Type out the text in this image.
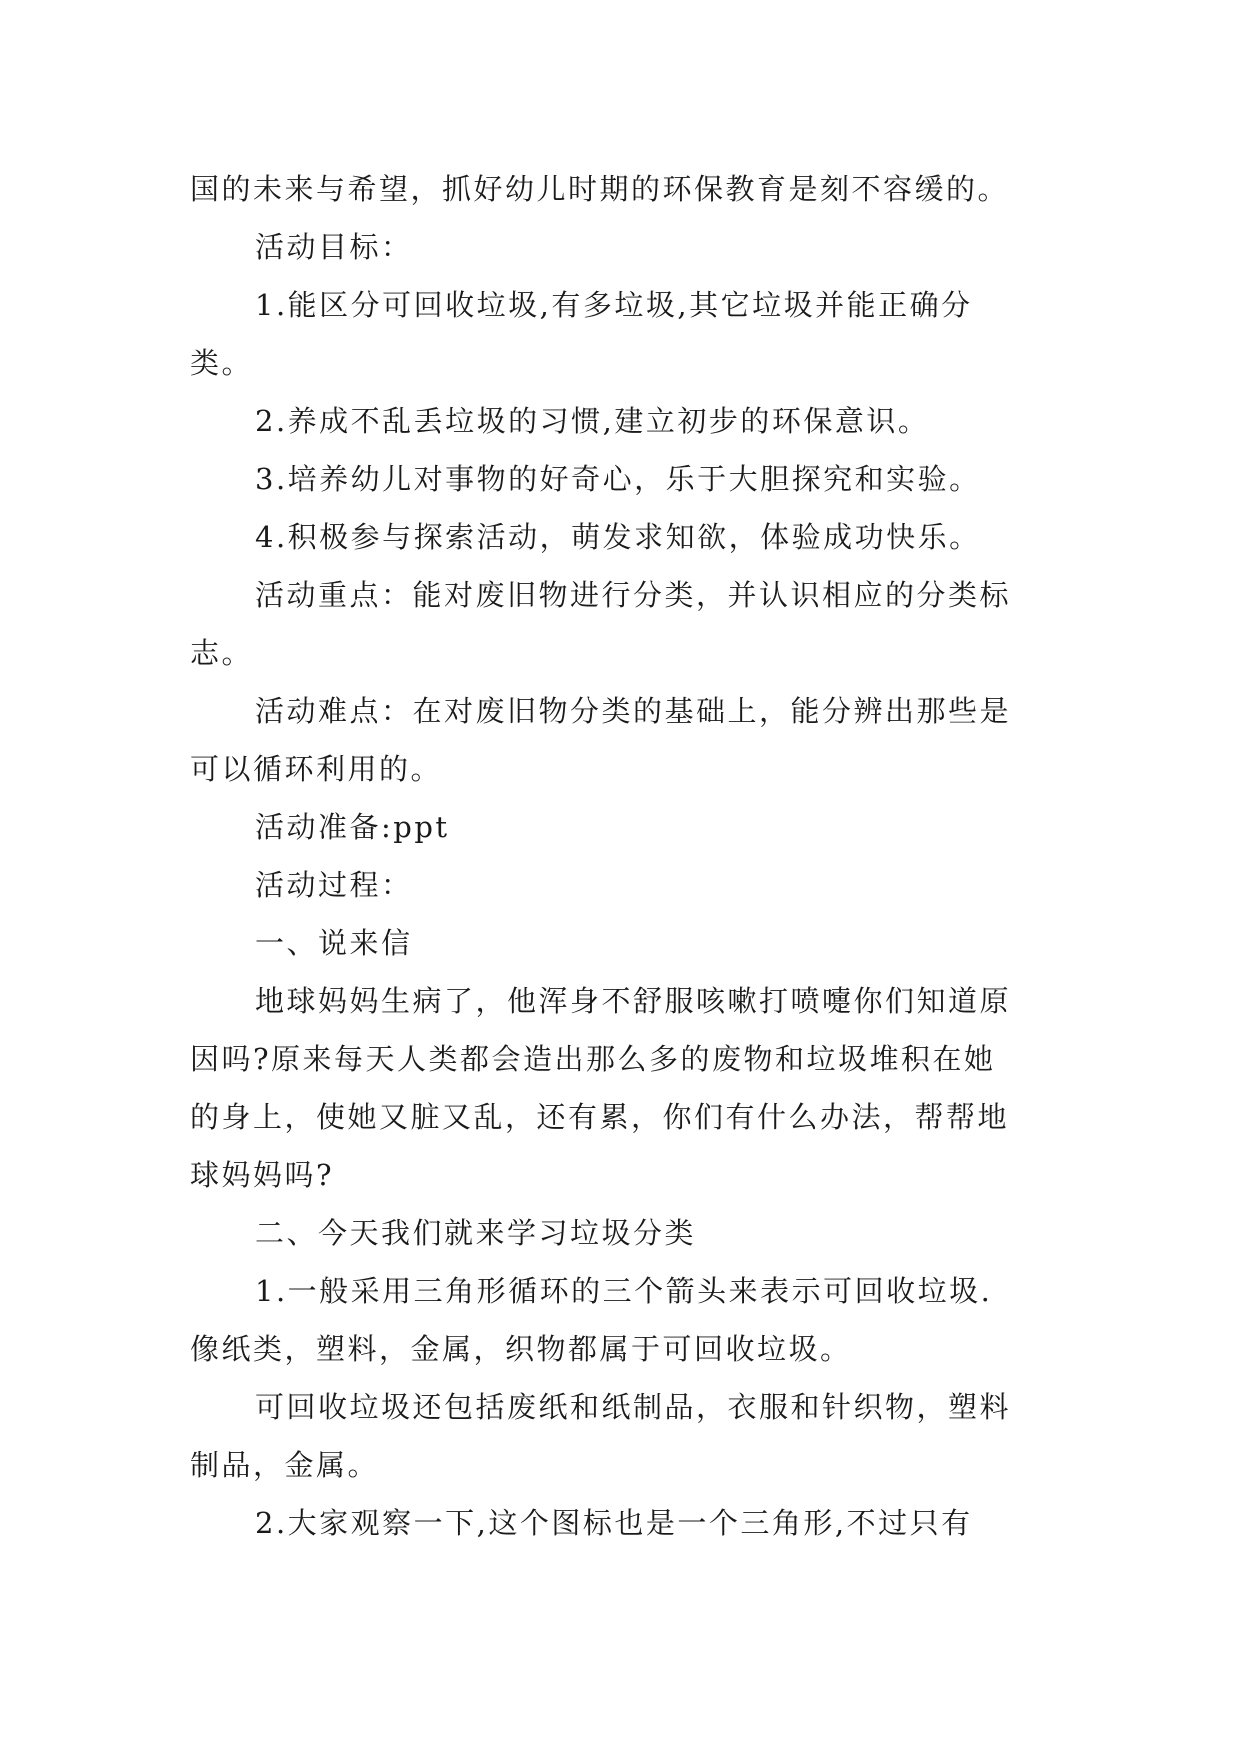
国的未来与希望，抓好幼儿时期的环保教育是刻不容缓的。
活动目标：
1.能区分可回收垃圾,有多垃圾,其它垃圾并能正确分
类。
2.养成不乱丢垃圾的习惯,建立初步的环保意识。
3.培养幼儿对事物的好奇心，乐于大胆探究和实验。
4.积极参与探索活动，萌发求知欲，体验成功快乐。
活动重点：能对废旧物进行分类，并认识相应的分类标
志。
活动难点：在对废旧物分类的基础上，能分辨出那些是
可以循环利用的。
活动准备:ppt
活动过程：
一、说来信
地球妈妈生病了，他浑身不舒服咳嗽打喷嚏你们知道原
因吗?原来每天人类都会造出那么多的废物和垃圾堆积在她
的身上，使她又脏又乱，还有累，你们有什么办法，帮帮地
球妈妈吗?
二、今天我们就来学习垃圾分类
1.一般采用三角形循环的三个箭头来表示可回收垃圾.
像纸类，塑料，金属，织物都属于可回收垃圾。
可回收垃圾还包括废纸和纸制品，衣服和针织物，塑料
制品，金属。
2.大家观察一下,这个图标也是一个三角形,不过只有
